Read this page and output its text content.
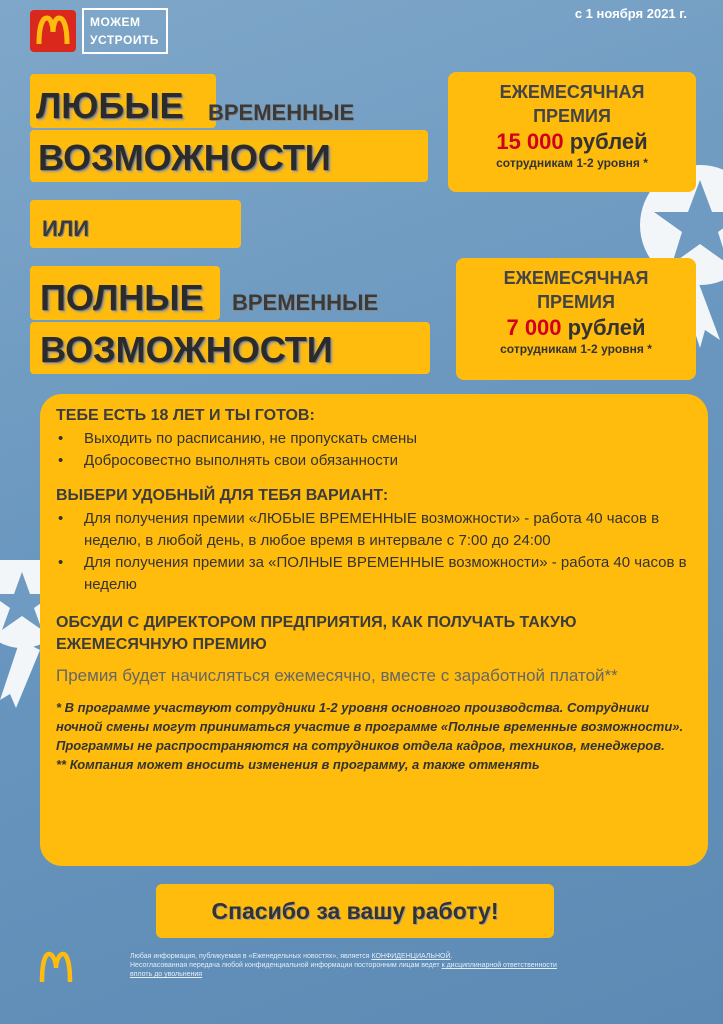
МОЖЕМ
УСТРОИТЬ
с 1 ноября 2021 г.
ЛЮБЫЕ ВРЕМЕННЫЕ
ВОЗМОЖНОСТИ
ИЛИ
ПОЛНЫЕ ВРЕМЕННЫЕ
ВОЗМОЖНОСТИ
ЕЖЕМЕСЯЧНАЯ
ПРЕМИЯ
15 000 рублей
сотрудникам 1-2 уровня *
ЕЖЕМЕСЯЧНАЯ
ПРЕМИЯ
7 000 рублей
сотрудникам 1-2 уровня *
ТЕБЕ ЕСТЬ 18 ЛЕТ И ТЫ ГОТОВ:
• Выходить по расписанию, не пропускать смены
• Добросовестно выполнять свои обязанности
ВЫБЕРИ УДОБНЫЙ ДЛЯ ТЕБЯ ВАРИАНТ:
• Для получения премии «ЛЮБЫЕ ВРЕМЕННЫЕ возможности» - работа 40 часов в неделю, в любой день, в любое время в интервале с 7:00 до 24:00
• Для получения премии за «ПОЛНЫЕ ВРЕМЕННЫЕ возможности» - работа 40 часов в неделю
ОБСУДИ С ДИРЕКТОРОМ ПРЕДПРИЯТИЯ, КАК ПОЛУЧАТЬ ТАКУЮ ЕЖЕМЕСЯЧНУЮ ПРЕМИЮ
Премия будет начисляться ежемесячно, вместе с заработной платой**
* В программе участвуют сотрудники 1-2 уровня основного производства. Сотрудники ночной смены могут приниматься участие в программе «Полные временные возможности». Программы не распространяются на сотрудников отдела кадров, техников, менеджеров.
** Компания может вносить изменения в программу, а также отменять
Спасибо за вашу работу!
Любая информация, публикуемая в «Еженедельных новостях», является КОНФИДЕНЦИАЛЬНОЙ.
Несогласованная передача любой конфиденциальной информации посторонним лицам ведет к дисциплинарной ответственности
вплоть до увольнения
